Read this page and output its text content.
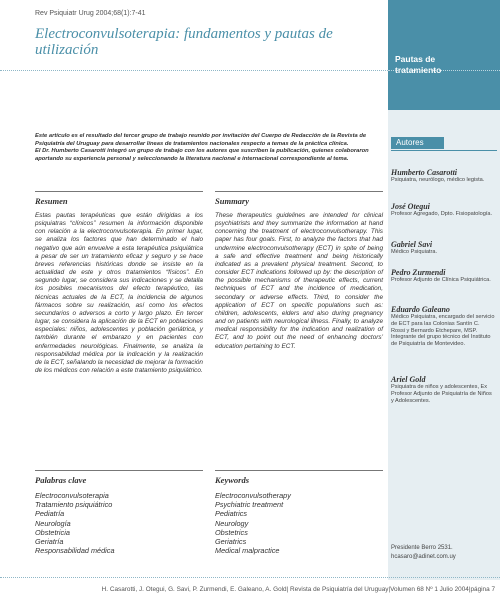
Rev Psiquiatr Urug 2004;68(1):7-41
Electroconvulsoterapia: fundamentos y pautas de utilización
Pautas de
tratamiento
Autores
Este artículo es el resultado del tercer grupo de trabajo reunido por invitación del Cuerpo de Redacción de la Revista de Psiquiatría del Uruguay para desarrollar líneas de tratamientos nacionales respecto a temas de la práctica clínica.
El Dr. Humberto Casarotti integró un grupo de trabajo con los autores que suscriben la publicación, quienes colaboraron aportando su experiencia personal y seleccionando la literatura nacional e internacional correspondiente al tema.
Resumen

Estas pautas terapéuticas que están dirigidas a los psiquiatras “clínicos” resumen la información disponible con relación a la electroconvulsoterapia. En primer lugar, se analiza los factores que han determinado el halo negativo que aún envuelve a esta terapéutica psiquiátrica a pesar de ser un tratamiento eficaz y seguro y se hace breves referencias históricas donde se insiste en la actualidad de este y otros tratamientos “físicos”. En segundo lugar, se considera sus indicaciones y se detalla los posibles mecanismos del efecto terapéutico, las técnicas actuales de la ECT, la incidencia de algunos fármacos sobre su realización, así como los efectos secundarios o adversos a corto y largo plazo. En tercer lugar, se considera la aplicación de la ECT en poblaciones especiales: niños, adolescentes y población geriátrica, y también durante el embarazo y en pacientes con enfermedades neurológicas. Finalmente, se analiza la responsabilidad médica por la indicación y la realización de la ECT, señalando la necesidad de mejorar la formación de los médicos con relación a este tratamiento psiquiátrico.

Summary

These therapeutics guidelines are intended for clinical psychiatrists and they summarize the information at hand concerning the treatment of electroconvulsotherapy. This paper has four goals. First, to analyze the factors that had undermine electroconvulsotherapy (ECT) in spite of being a safe and effective treatment and being historically indicated as a prevalent physical treatment. Second, to consider ECT indications followed up by: the description of the possible mechanisms of therapeutic effects, current techniques of ECT and the incidence of medication, secondary or adverse effects. Third, to consider the application of ECT on specific populations such as: children, adolescents, elders and also during pregnancy and on patients with neurological illness. Finally, to analyze medical responsibility for the indication and realization of ECT, and to point out the need of enhancing doctors’ education pertaining to ECT.

Palabras clave
Electroconvulsoterapia
Tratamiento psiquiátrico
Pediatría
Neurología
Obstetricia
Geriatría
Responsabilidad médica
Keywords
Electroconvulsotherapy
Psychiatric treatment
Pediatrics
Neurology
Obstetrics
Geriatrics
Medical malpractice
Humberto Casarotti
Psiquiatra, neurólogo, médico legista.
José Otegui
Profesor Agregado, Dpto. Fisiopatología.
Gabriel Savi
Médico Psiquiatra.
Pedro Zurmendi
Profesor Adjunto de Clínica Psiquiátrica.
Eduardo Galeano
Médico Psiquiatra, encargado del servicio de ECT para las Colonias Santín C. Rossi y Bernardo Etchepare, MSP. Integrante del grupo técnico del Instituto de Psiquiatría de Montevideo.
Ariel Gold
Psiquiatra de niños y adolescentes, Ex Profesor Adjunto de Psiquiatría de Niños y Adolescentes.
Presidente Berro 2531.
hcasaro@adinet.com.uy
H. Casarotti, J. Otegui, G. Savi, P. Zurmendi, E. Galeano, A. Gold| Revista de Psiquiatría del Uruguay|Volumen 68 Nº 1 Julio 2004|página 7
